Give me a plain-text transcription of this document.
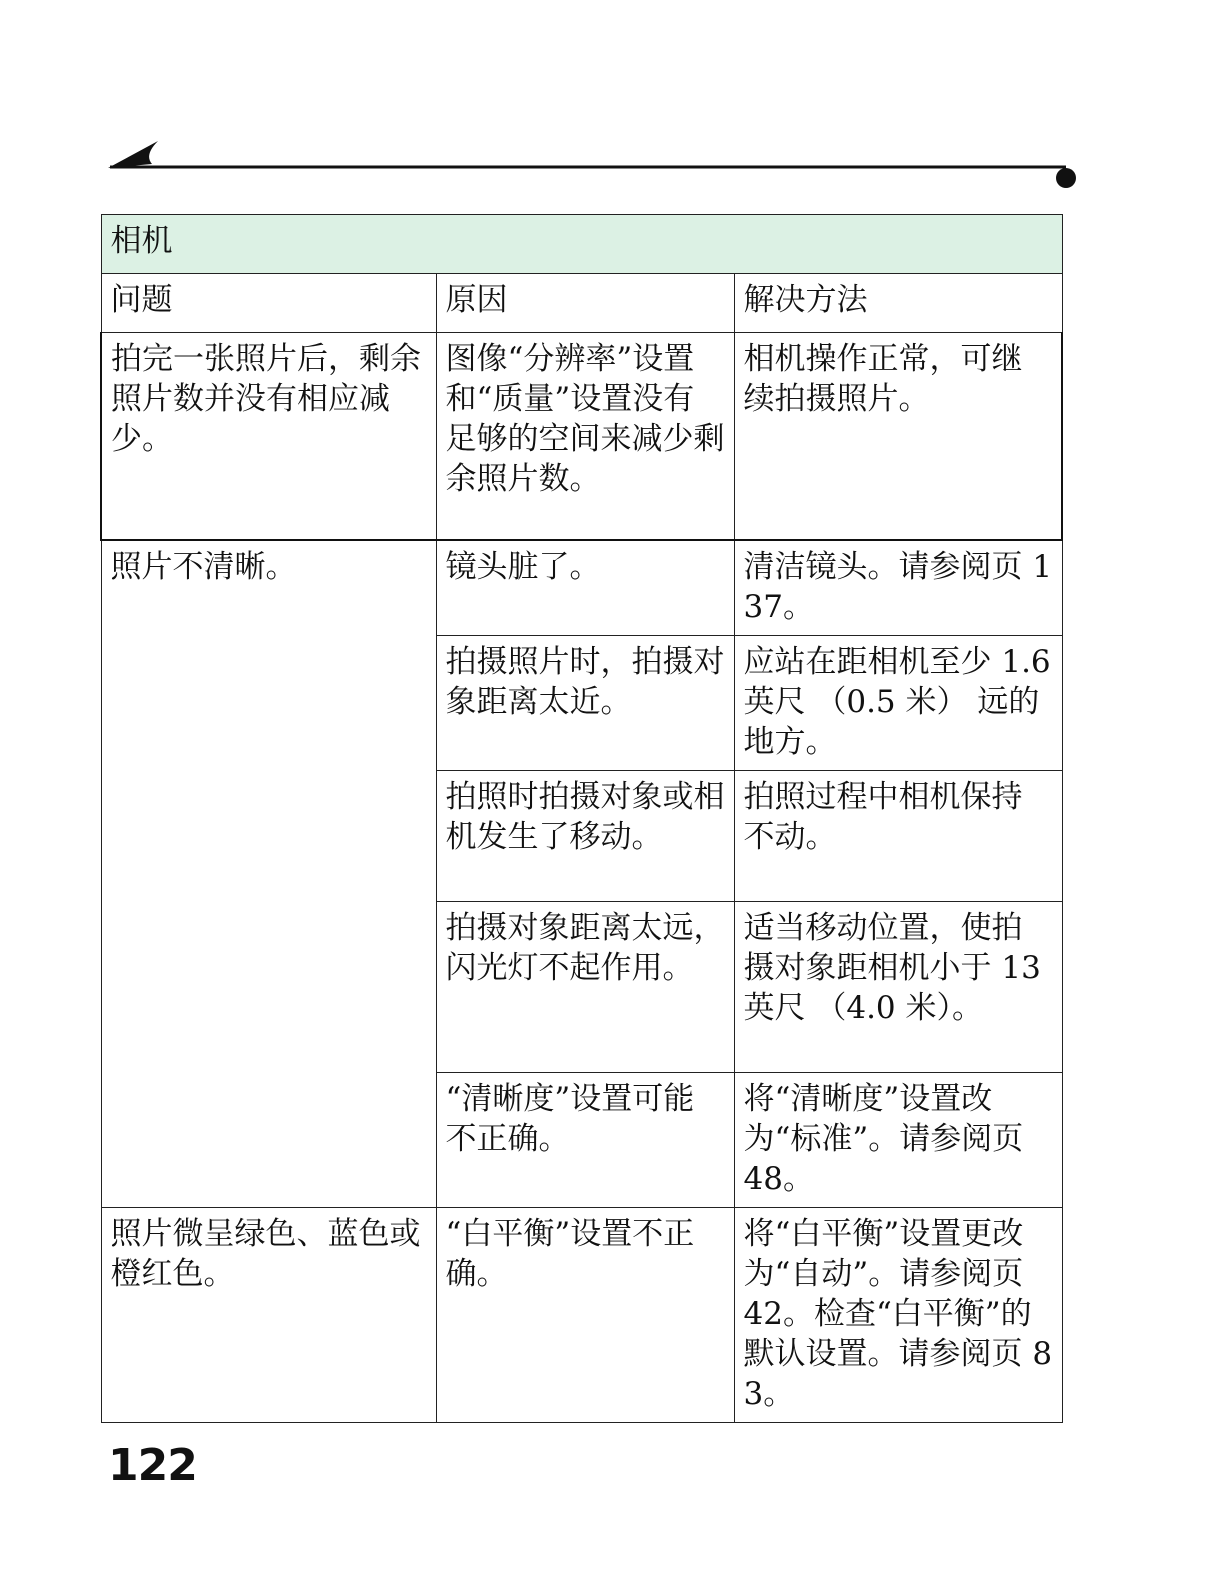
相机		
问题	原因	解决方法
拍完一张照片后，剩余照片数并没有相应减少。	图像“分辨率”设置和“质量”设置没有足够的空间来减少剩余照片数。	相机操作正常，可继续拍摄照片。
照片不清晰。	镜头脏了。	清洁镜头。请参阅页 137。
	拍摄照片时，拍摄对象距离太近。	应站在距相机至少 1.6 英尺 （0.5 米） 远的地方。
	拍照时拍摄对象或相机发生了移动。	拍照过程中相机保持不动。
	拍摄对象距离太远，闪光灯不起作用。	适当移动位置，使拍摄对象距相机小于 13 英尺 （4.0 米）。
	“清晰度”设置可能不正确。	将“清晰度”设置改为“标准”。请参阅页 48。
照片微呈绿色、蓝色或橙红色。	“白平衡”设置不正确。	将“白平衡”设置更改为“自动”。请参阅页 42。检查“白平衡”的默认设置。请参阅页 83。
122
